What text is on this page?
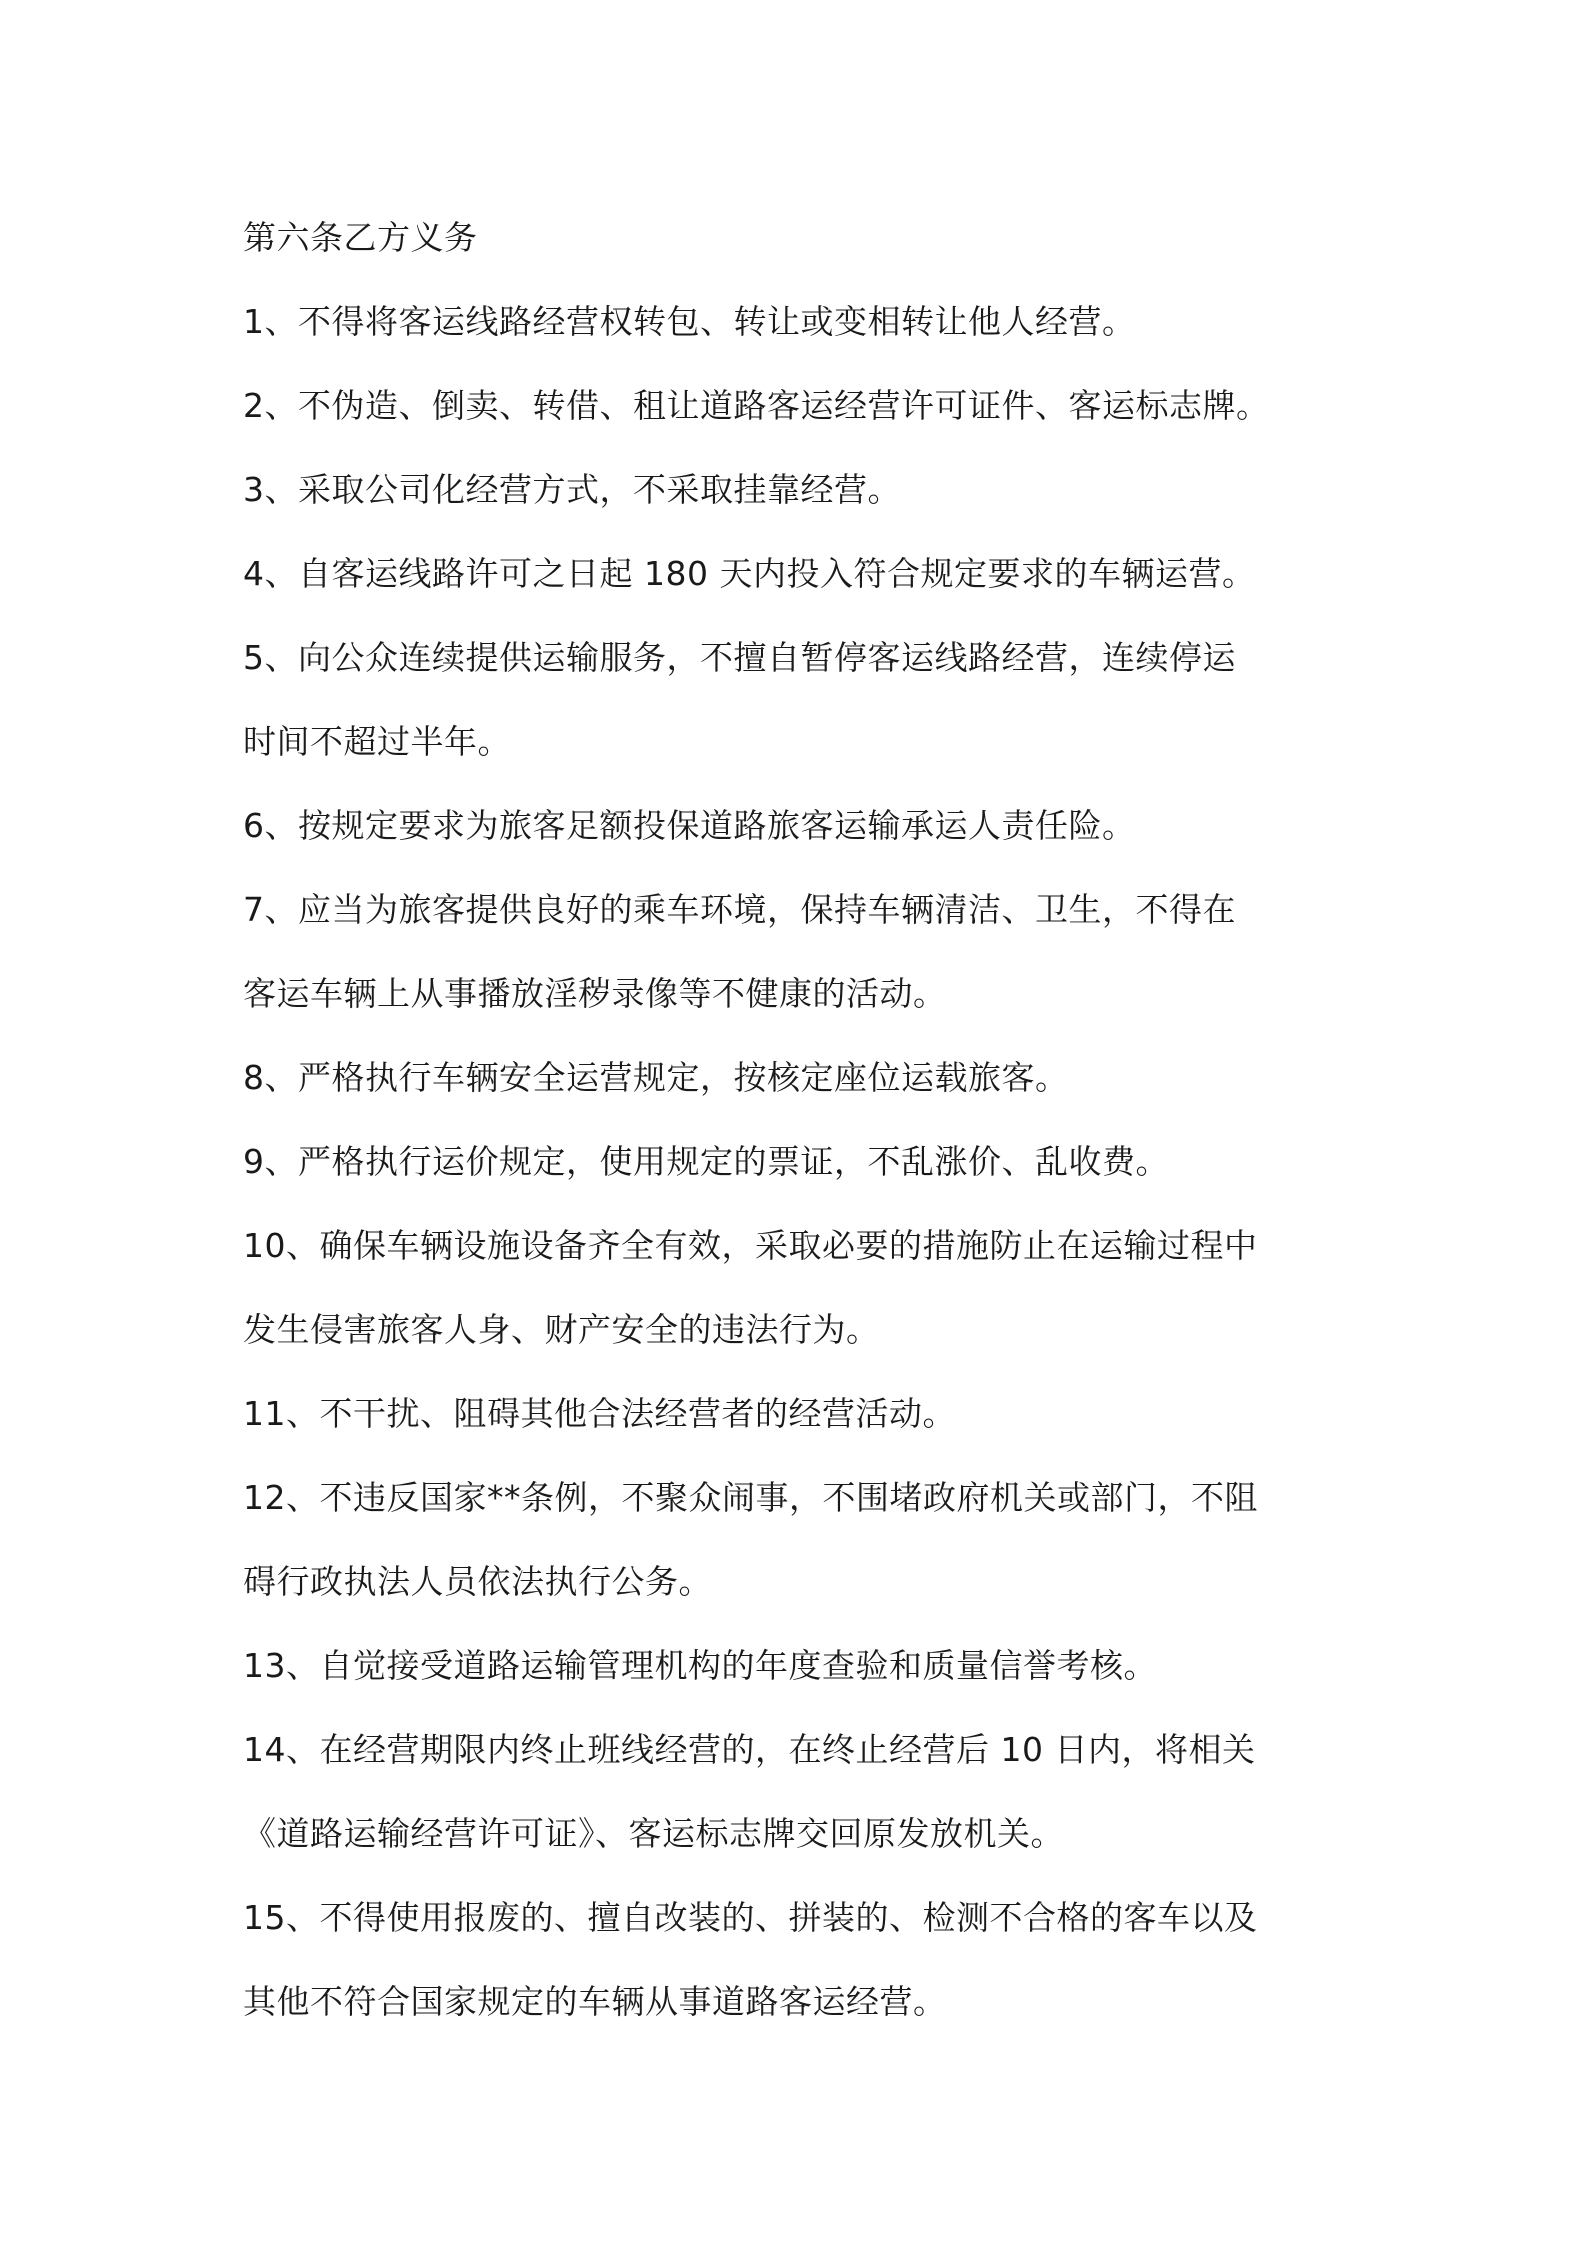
第六条乙方义务
1、不得将客运线路经营权转包、转让或变相转让他人经营。
2、不伪造、倒卖、转借、租让道路客运经营许可证件、客运标志牌。
3、采取公司化经营方式，不采取挂靠经营。
4、自客运线路许可之日起 180 天内投入符合规定要求的车辆运营。
5、向公众连续提供运输服务，不擅自暂停客运线路经营，连续停运
时间不超过半年。
6、按规定要求为旅客足额投保道路旅客运输承运人责任险。
7、应当为旅客提供良好的乘车环境，保持车辆清洁、卫生，不得在
客运车辆上从事播放淫秽录像等不健康的活动。
8、严格执行车辆安全运营规定，按核定座位运载旅客。
9、严格执行运价规定，使用规定的票证，不乱涨价、乱收费。
10、确保车辆设施设备齐全有效，采取必要的措施防止在运输过程中
发生侵害旅客人身、财产安全的违法行为。
11、不干扰、阻碍其他合法经营者的经营活动。
12、不违反国家**条例，不聚众闹事，不围堵政府机关或部门，不阻
碍行政执法人员依法执行公务。
13、自觉接受道路运输管理机构的年度查验和质量信誉考核。
14、在经营期限内终止班线经营的，在终止经营后 10 日内，将相关
《道路运输经营许可证》、客运标志牌交回原发放机关。
15、不得使用报废的、擅自改装的、拼装的、检测不合格的客车以及
其他不符合国家规定的车辆从事道路客运经营。
